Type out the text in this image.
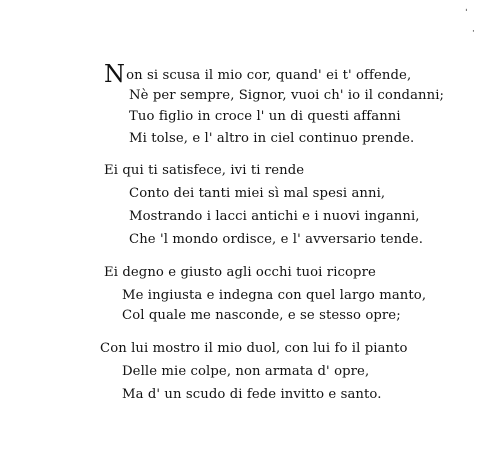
ˌ
·
Non si scusa il mio cor, quand' ei t' offende,
Nè per sempre, Signor, vuoi ch' io il condanni;
Tuo figlio in croce l' un di questi affanni
Mi tolse, e l' altro in ciel continuo prende.
Ei qui ti satisfece, ivi ti rende
Conto dei tanti miei sì mal spesi anni,
Mostrando i lacci antichi e i nuovi inganni,
Che 'l mondo ordisce, e l' avversario tende.
Ei degno e giusto agli occhi tuoi ricopre
Me ingiusta e indegna con quel largo manto,
Col quale me nasconde, e se stesso opre;
Con lui mostro il mio duol, con lui fo il pianto
Delle mie colpe, non armata d' opre,
Ma d' un scudo di fede invitto e santo.
